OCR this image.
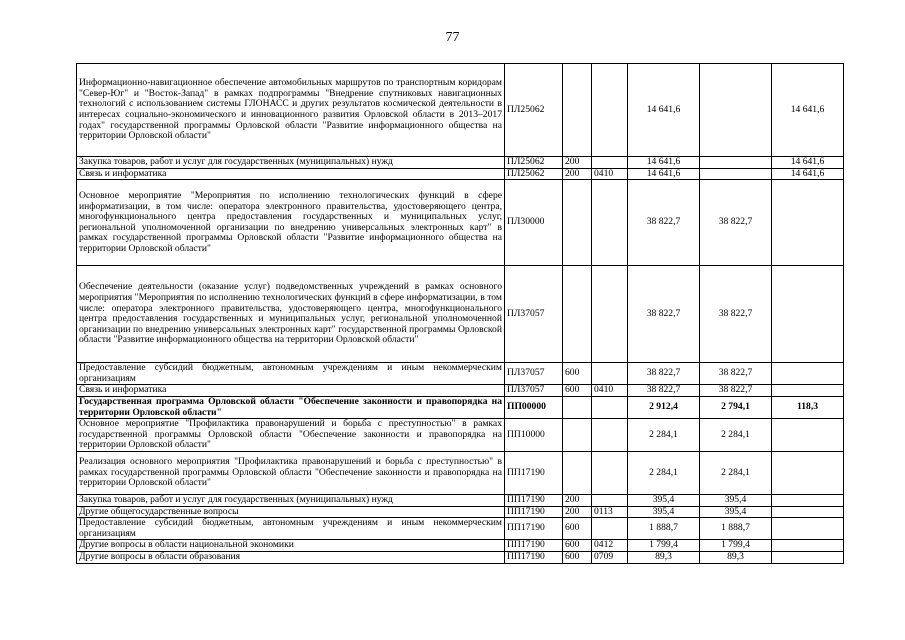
77
Информационно-навигационное обеспечение автомобильных маршрутов по транспортным коридорам "Север-Юг" и "Восток-Запад" в рамках подпрограммы "Внедрение спутниковых навигационных технологий с использованием системы ГЛОНАСС и других результатов космической деятельности в интересах социально-экономического и инновационного развития Орловской области в 2013–2017 годах" государственной программы Орловской области "Развитие информационного общества на территории Орловской области"	ПЛ25062			14 641,6		14 641,6
Закупка товаров, работ и услуг для государственных (муниципальных) нужд	ПЛ25062	200		14 641,6		14 641,6
Связь и информатика	ПЛ25062	200	0410	14 641,6		14 641,6
Основное мероприятие "Мероприятия по исполнению технологических функций в сфере информатизации, в том числе: оператора электронного правительства, удостоверяющего центра, многофункционального центра предоставления государственных и муниципальных услуг, региональной уполномоченной организации по внедрению универсальных электронных карт" в рамках государственной программы Орловской области "Развитие информационного общества на территории Орловской области"	ПЛ30000			38 822,7	38 822,7	
Обеспечение деятельности (оказание услуг) подведомственных учреждений в рамках основного мероприятия "Мероприятия по исполнению технологических функций в сфере информатизации, в том числе: оператора электронного правительства, удостоверяющего центра, многофункционального центра предоставления государственных и муниципальных услуг, региональной уполномоченной организации по внедрению универсальных электронных карт" государственной программы Орловской области "Развитие информационного общества на территории Орловской области"	ПЛ37057			38 822,7	38 822,7	
Предоставление субсидий бюджетным, автономным учреждениям и иным некоммерческим организациям	ПЛ37057	600		38 822,7	38 822,7	
Связь и информатика	ПЛ37057	600	0410	38 822,7	38 822,7	
Государственная программа Орловской области "Обеспечение законности и правопорядка на территории Орловской области"	ПП00000			2 912,4	2 794,1	118,3
Основное мероприятие "Профилактика правонарушений и борьба с преступностью" в рамках государственной программы Орловской области "Обеспечение законности и правопорядка на территории Орловской области"	ПП10000			2 284,1	2 284,1	
Реализация основного мероприятия "Профилактика правонарушений и борьба с преступностью" в рамках государственной программы Орловской области "Обеспечение законности и правопорядка на территории Орловской области"	ПП17190			2 284,1	2 284,1	
Закупка товаров, работ и услуг для государственных (муниципальных) нужд	ПП17190	200		395,4	395,4	
Другие общегосударственные вопросы	ПП17190	200	0113	395,4	395,4	
Предоставление субсидий бюджетным, автономным учреждениям и иным некоммерческим организациям	ПП17190	600		1 888,7	1 888,7	
Другие вопросы в области национальной экономики	ПП17190	600	0412	1 799,4	1 799,4	
Другие вопросы в области образования	ПП17190	600	0709	89,3	89,3	
